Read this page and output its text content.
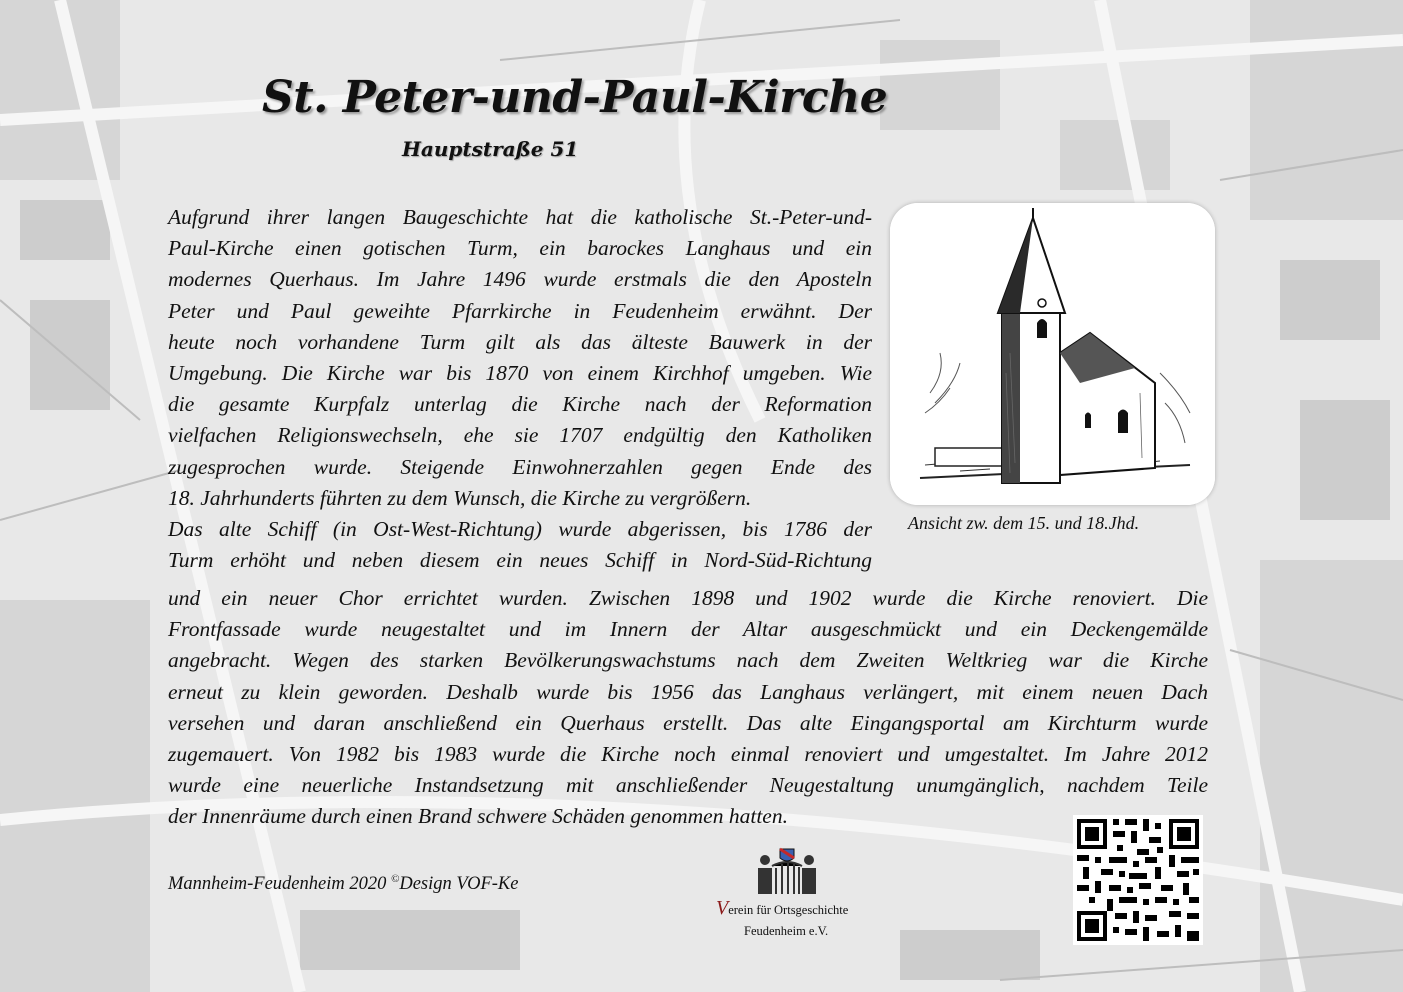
St. Peter-und-Paul-Kirche
Hauptstraße 51
Aufgrund ihrer langen Baugeschichte hat die katholische St.-Peter-und-
Paul-Kirche einen gotischen Turm, ein barockes Langhaus und ein
modernes Querhaus. Im Jahre 1496 wurde erstmals die den Aposteln
Peter und Paul geweihte Pfarrkirche in Feudenheim erwähnt. Der
heute noch vorhandene Turm gilt als das älteste Bauwerk in der
Umgebung. Die Kirche war bis 1870 von einem Kirchhof umgeben. Wie
die gesamte Kurpfalz unterlag die Kirche nach der Reformation
vielfachen Religionswechseln, ehe sie 1707 endgültig den Katholiken
zugesprochen wurde. Steigende Einwohnerzahlen gegen Ende des
18. Jahrhunderts führten zu dem Wunsch, die Kirche zu vergrößern.
Das alte Schiff (in Ost-West-Richtung) wurde abgerissen, bis 1786 der
Turm erhöht und neben diesem ein neues Schiff in Nord-Süd-Richtung
und ein neuer Chor errichtet wurden. Zwischen 1898 und 1902 wurde die Kirche renoviert. Die
Frontfassade wurde neugestaltet und im Innern der Altar ausgeschmückt und ein Deckengemälde
angebracht. Wegen des starken Bevölkerungswachstums nach dem Zweiten Weltkrieg war die Kirche
erneut zu klein geworden. Deshalb wurde bis 1956 das Langhaus verlängert, mit einem neuen Dach
versehen und daran anschließend ein Querhaus erstellt. Das alte Eingangsportal am Kirchturm wurde
zugemauert. Von 1982 bis 1983 wurde die Kirche noch einmal renoviert und umgestaltet. Im Jahre 2012
wurde eine neuerliche Instandsetzung mit anschließender Neugestaltung unumgänglich, nachdem Teile
der Innenräume durch einen Brand schwere Schäden genommen hatten.
Ansicht zw. dem 15. und 18.Jhd.
Mannheim-Feudenheim 2020 ©Design VOF-Ke
Verein für Ortsgeschichte
Feudenheim e.V.
